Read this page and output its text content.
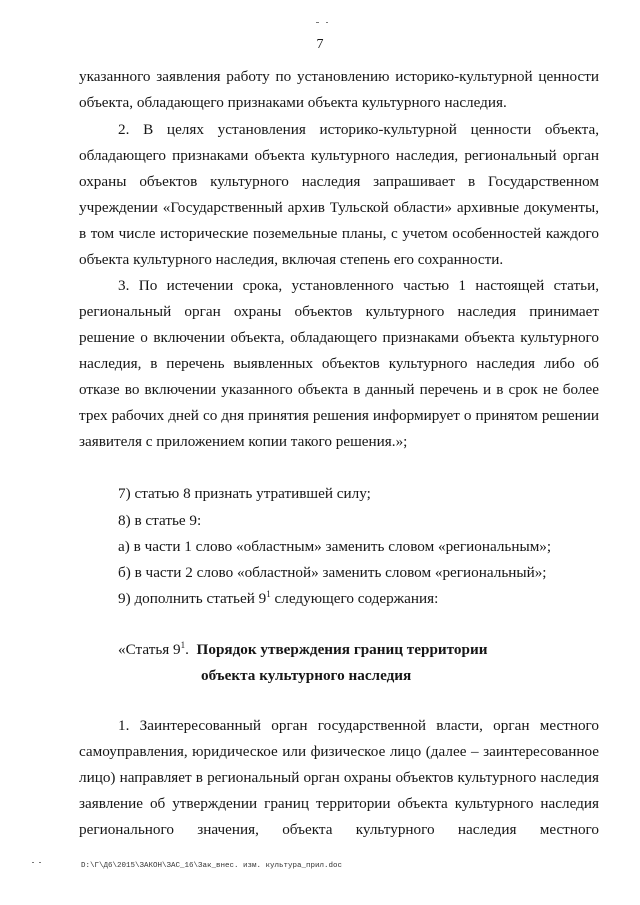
7
указанного заявления работу по установлению историко-культурной ценности
объекта, обладающего признаками объекта культурного наследия.
2. В целях установления историко-культурной ценности объекта,
обладающего признаками объекта культурного наследия, региональный орган
охраны объектов культурного наследия запрашивает в Государственном
учреждении «Государственный архив Тульской области» архивные документы,
в том числе исторические поземельные планы, с учетом особенностей каждого
объекта культурного наследия, включая степень его сохранности.
3. По истечении срока, установленного частью 1 настоящей статьи,
региональный орган охраны объектов культурного наследия принимает
решение о включении объекта, обладающего признаками объекта культурного
наследия, в перечень выявленных объектов культурного наследия либо об
отказе во включении указанного объекта в данный перечень и в срок не более
трех рабочих дней со дня принятия решения информирует о принятом решении
заявителя с приложением копии такого решения.»;
7) статью 8 признать утратившей силу;
8) в статье 9:
а) в части 1 слово «областным» заменить словом «региональным»;
б) в части 2 слово «областной» заменить словом «региональный»;
9) дополнить статьей $9^1$ следующего содержания:
«Статья $9^1$. Порядок утверждения границ территории
объекта культурного наследия
1. Заинтересованный орган государственной власти, орган местного
самоуправления, юридическое или физическое лицо (далее – заинтересованное
лицо) направляет в региональный орган охраны объектов культурного наследия
заявление об утверждении границ территории объекта культурного наследия
регионального значения, объекта культурного наследия местного
D:\Г\Д6\2015\ЗАКОН\ЗАС_16\Зак_внес. изм. культура_прил.doc
